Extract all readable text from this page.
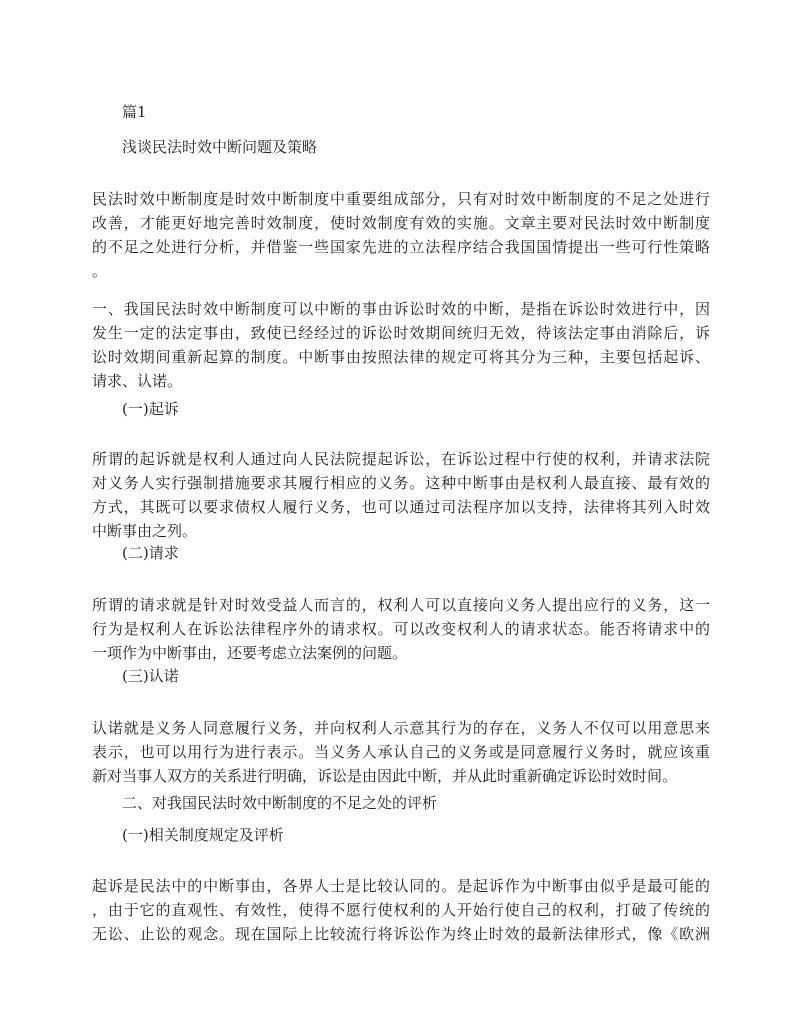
篇1

浅谈民法时效中断问题及策略

民法时效中断制度是时效中断制度中重要组成部分，只有对时效中断制度的不足之处进行
改善，才能更好地完善时效制度，使时效制度有效的实施。文章主要对民法时效中断制度
的不足之处进行分析，并借鉴一些国家先进的立法程序结合我国国情提出一些可行性策略
。
一、我国民法时效中断制度可以中断的事由诉讼时效的中断，是指在诉讼时效进行中，因
发生一定的法定事由，致使已经经过的诉讼时效期间统归无效，待该法定事由消除后，诉
讼时效期间重新起算的制度。中断事由按照法律的规定可将其分为三种，主要包括起诉、
请求、认诺。

(一)起诉

所谓的起诉就是权利人通过向人民法院提起诉讼，在诉讼过程中行使的权利，并请求法院
对义务人实行强制措施要求其履行相应的义务。这种中断事由是权利人最直接、最有效的
方式，其既可以要求债权人履行义务，也可以通过司法程序加以支持，法律将其列入时效
中断事由之列。

(二)请求

所谓的请求就是针对时效受益人而言的，权利人可以直接向义务人提出应行的义务，这一
行为是权利人在诉讼法律程序外的请求权。可以改变权利人的请求状态。能否将请求中的
一项作为中断事由，还要考虑立法案例的问题。

(三)认诺

认诺就是义务人同意履行义务，并向权利人示意其行为的存在，义务人不仅可以用意思来
表示，也可以用行为进行表示。当义务人承认自己的义务或是同意履行义务时，就应该重
新对当事人双方的关系进行明确，诉讼是由因此中断，并从此时重新确定诉讼时效时间。

二、对我国民法时效中断制度的不足之处的评析

(一)相关制度规定及评析

起诉是民法中的中断事由，各界人士是比较认同的。是起诉作为中断事由似乎是最可能的
，由于它的直观性、有效性，使得不愿行使权利的人开始行使自己的权利，打破了传统的
无讼、止讼的观念。现在国际上比较流行将诉讼作为终止时效的最新法律形式，像《欧洲
